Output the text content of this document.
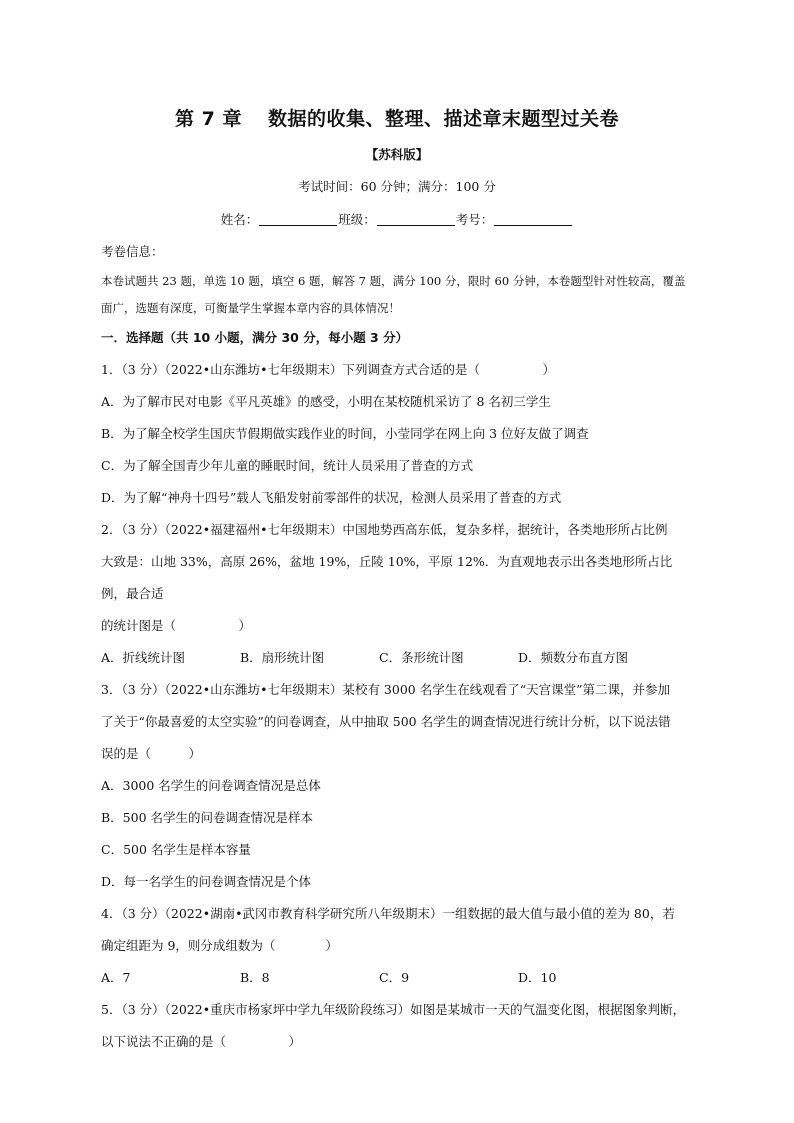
第 7 章 数据的收集、整理、描述章末题型过关卷
【苏科版】
考试时间：60 分钟；满分：100 分
姓名：	班级：	考号：

考卷信息：

本卷试题共 23 题，单选 10 题，填空 6 题，解答 7 题，满分 100 分，限时 60 分钟，本卷题型针对性较高，覆盖

面广，选题有深度，可衡量学生掌握本章内容的具体情况！

一．选择题（共 10 小题，满分 30 分，每小题 3 分）

1．（3 分）（2022•山东潍坊•七年级期末）下列调查方式合适的是（　　　　　）

A．为了解市民对电影《平凡英雄》的感受，小明在某校随机采访了 8 名初三学生

B．为了解全校学生国庆节假期做实践作业的时间，小莹同学在网上向 3 位好友做了调查

C．为了解全国青少年儿童的睡眠时间，统计人员采用了普查的方式

D．为了解“神舟十四号”载人飞船发射前零部件的状况，检测人员采用了普查的方式

2．（3 分）（2022•福建福州•七年级期末）中国地势西高东低，复杂多样，据统计，各类地形所占比例

大致是：山地 33%，高原 26%，盆地 19%，丘陵 10%，平原 12%．为直观地表示出各类地形所占比例，最合适

的统计图是（　　　　　）

A．折线统计图	B．扇形统计图	C．条形统计图	D．频数分布直方图

3．（3 分）（2022•山东潍坊•七年级期末）某校有 3000 名学生在线观看了“天宫课堂”第二课，并参加

了关于“你最喜爱的太空实验”的问卷调查，从中抽取 500 名学生的调查情况进行统计分析，以下说法错

误的是（　　　）

A．3000 名学生的问卷调查情况是总体

B．500 名学生的问卷调查情况是样本

C．500 名学生是样本容量

D．每一名学生的问卷调查情况是个体

4．（3 分）（2022•湖南•武冈市教育科学研究所八年级期末）一组数据的最大值与最小值的差为 80，若

确定组距为 9，则分成组数为（　　　　）

A．7	B．8	C．9	D．10

5．（3 分）（2022•重庆市杨家坪中学九年级阶段练习）如图是某城市一天的气温变化图，根据图象判断，

以下说法不正确的是（　　　　　）
